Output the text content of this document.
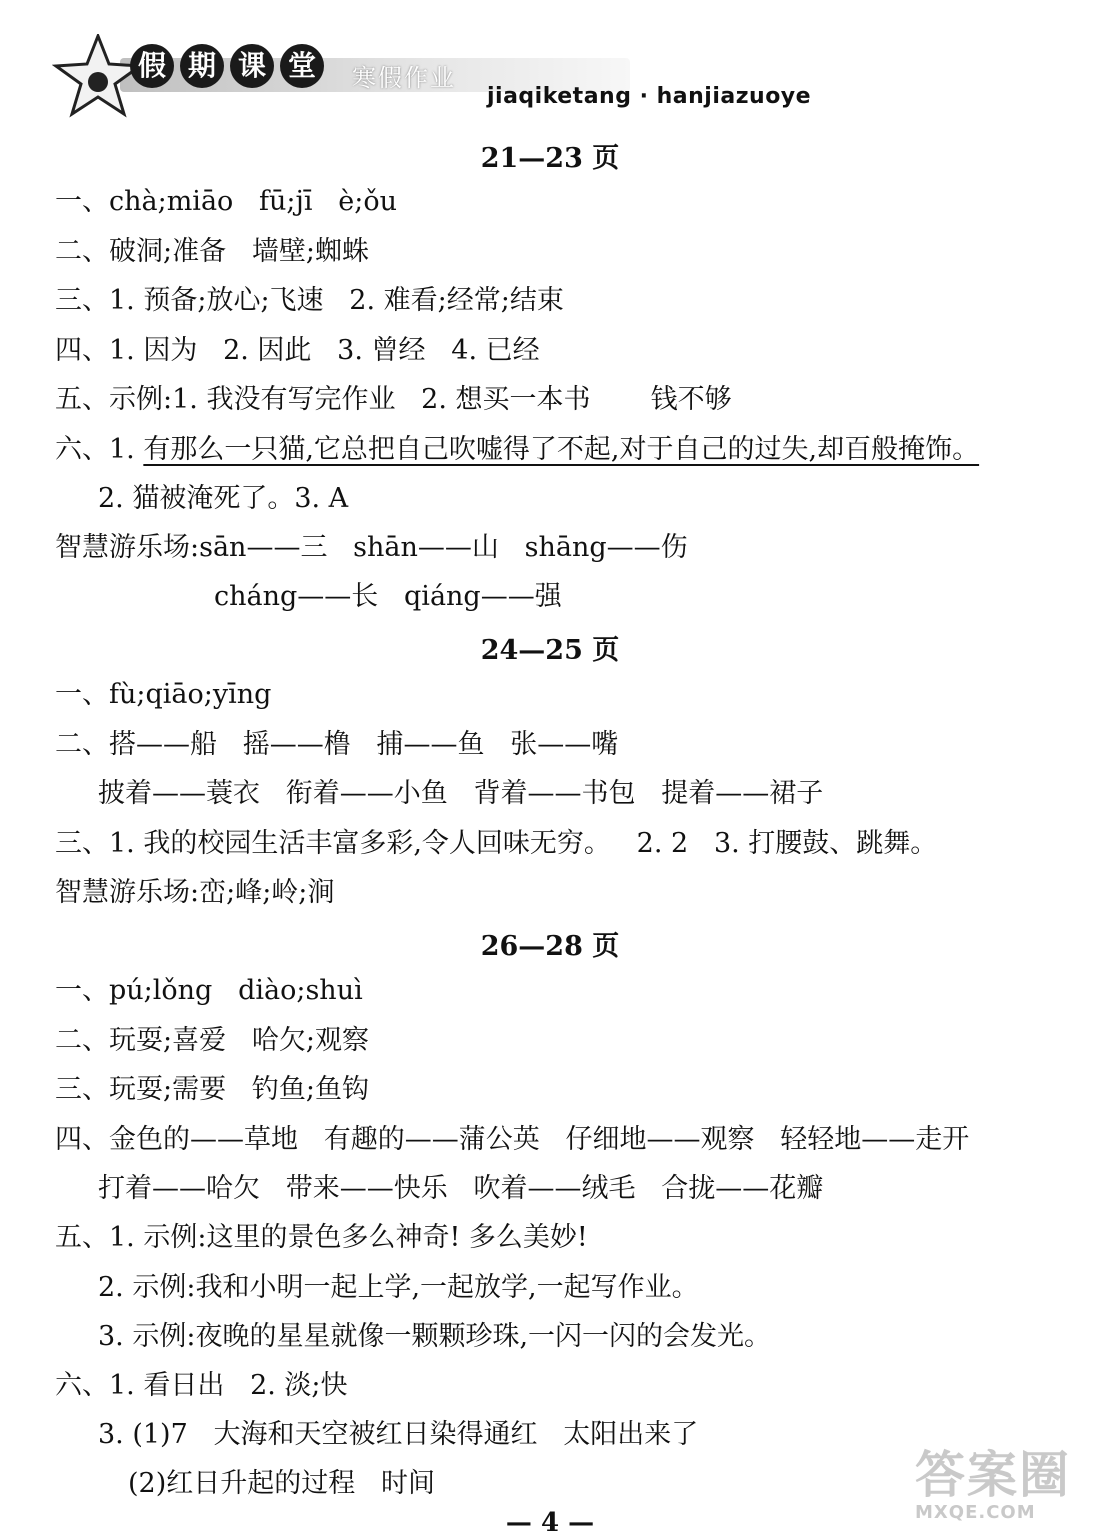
假 期 课 堂	寒假作业
jiaqiketang · hanjiazuoye
21—23 页
一、chà;miāo   fū;jī   è;ǒu
二、破洞;准备   墙壁;蜘蛛
三、1. 预备;放心;飞速   2. 难看;经常;结束
四、1. 因为   2. 因此   3. 曾经   4. 已经
五、示例:1. 我没有写完作业   2. 想买一本书       钱不够
六、1. 有那么一只猫,它总把自己吹嘘得了不起,对于自己的过失,却百般掩饰。
2. 猫被淹死了。3. A
智慧游乐场:sān——三   shān——山   shāng——伤
cháng——长   qiáng——强
24—25 页
一、fù;qiāo;yīng
二、搭——船   摇——橹   捕——鱼   张——嘴
披着——蓑衣   衔着——小鱼   背着——书包   提着——裙子
三、1. 我的校园生活丰富多彩,令人回味无穷。   2. 2   3. 打腰鼓、跳舞。
智慧游乐场:峦;峰;岭;涧
26—28 页
一、pú;lǒng   diào;shuì
二、玩耍;喜爱   哈欠;观察
三、玩耍;需要   钓鱼;鱼钩
四、金色的——草地   有趣的——蒲公英   仔细地——观察   轻轻地——走开
打着——哈欠   带来——快乐   吹着——绒毛   合拢——花瓣
五、1. 示例:这里的景色多么神奇! 多么美妙!
2. 示例:我和小明一起上学,一起放学,一起写作业。
3. 示例:夜晚的星星就像一颗颗珍珠,一闪一闪的会发光。
六、1. 看日出   2. 淡;快
3. (1)7   大海和天空被红日染得通红   太阳出来了
(2)红日升起的过程   时间	答案圈
MXQE.COM
— 4 —
